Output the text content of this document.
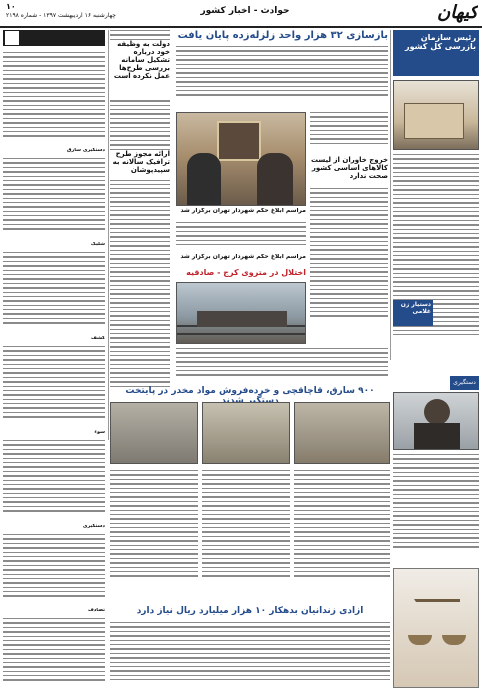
چهارشنبه ۱۶ اردیبهشت ۱۳۹۷ - شماره ۲۱۹۸
۱۰	حوادث - اخبار کشور	کیهان
دستگیری سارق
شلیک
کشف
سوء
دستگیری
تصادف
دولت به وظیفه خود درباره تشکیل سامانه بررسی طرح‌ها عمل نکرده است
ارائه مجوز طرح ترافیک سالانه به سپیدپوشان
بازسازی ۳۲ هزار واحد زلزله‌زده پایان یافت
مراسم ابلاغ حکم شهردار تهران برگزار شد
خروج خاوران از لیست کالاهای اساسی کشور صحت ندارد
مراسم ابلاغ حکم شهردار تهران برگزار شد
اختلال در متروی کرج - صادقیه
رئیس سازمان بازرسی کل کشور
دستیار زن غلامی
دستگیری
۹۰۰ سارق، قاچاقچی و خرده‌فروش مواد مخدر در پایتخت
آزادی زندانیان بدهکار ۱۰ هزار میلیارد ریال نیاز دارد
